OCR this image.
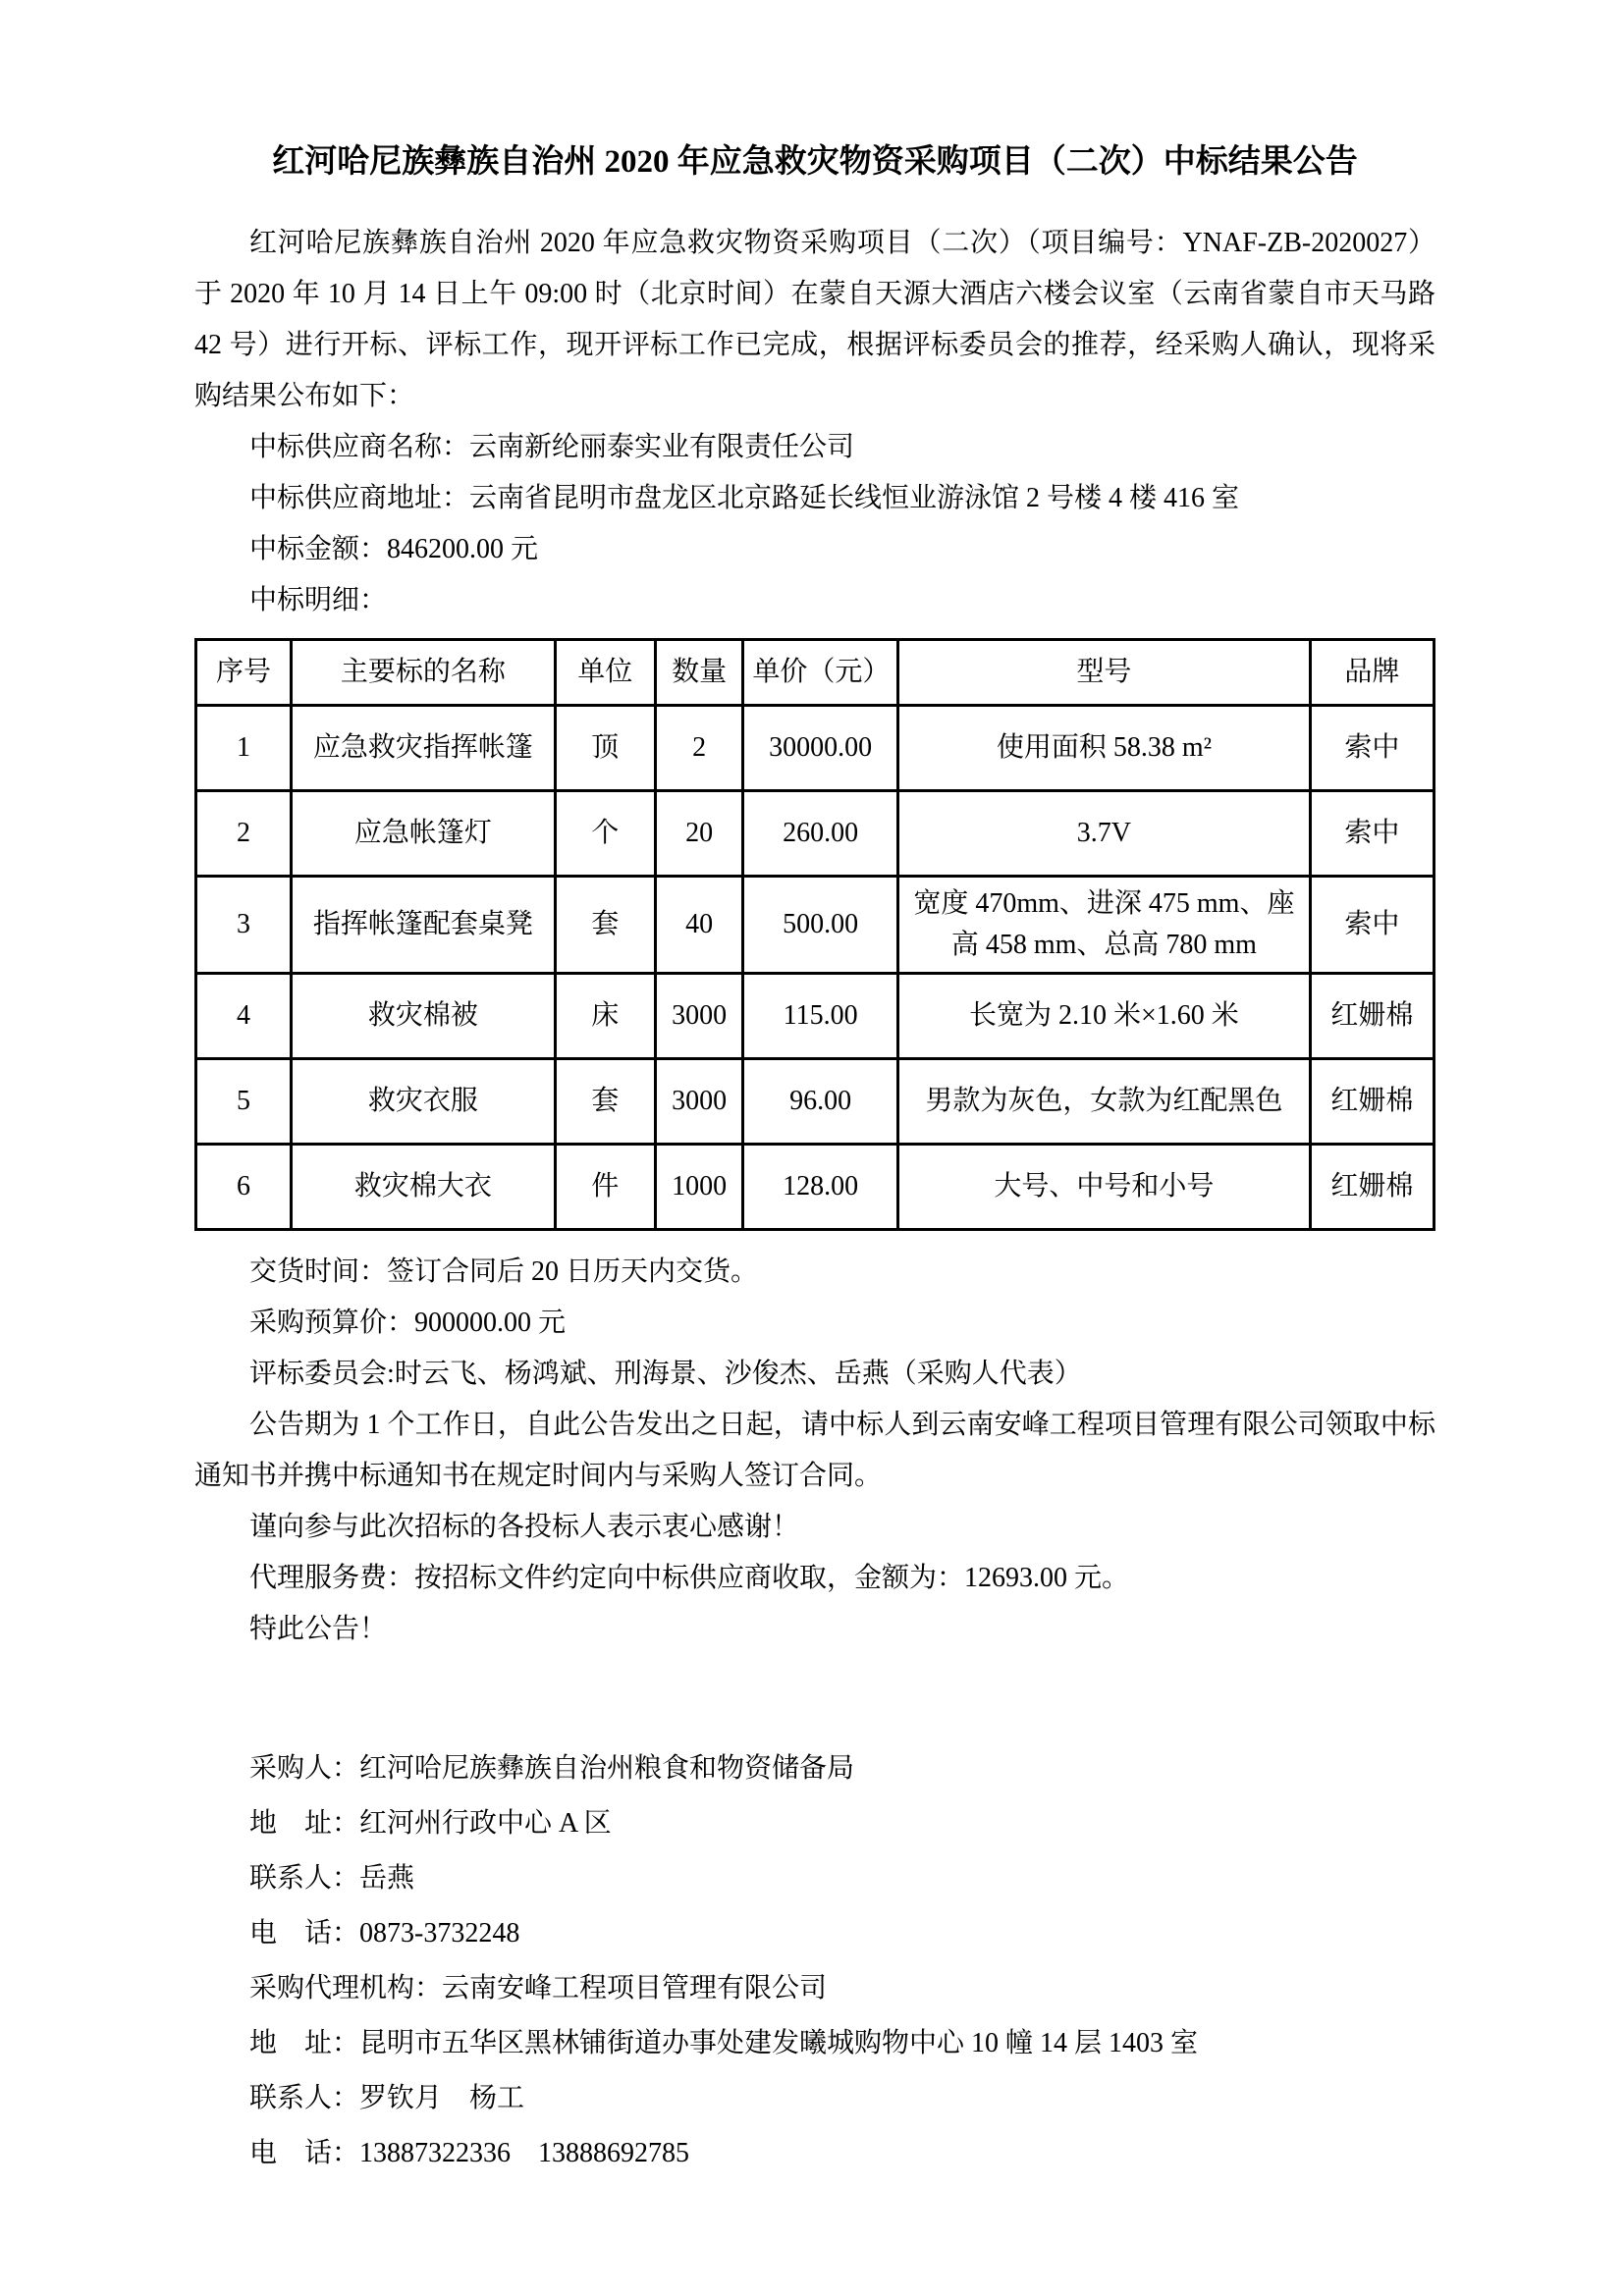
红河哈尼族彝族自治州 2020 年应急救灾物资采购项目（二次）中标结果公告

红河哈尼族彝族自治州 2020 年应急救灾物资采购项目（二次）（项目编号：YNAF-ZB-2020027）于 2020 年 10 月 14 日上午 09:00 时（北京时间）在蒙自天源大酒店六楼会议室（云南省蒙自市天马路 42 号）进行开标、评标工作，现开评标工作已完成，根据评标委员会的推荐，经采购人确认，现将采购结果公布如下：

中标供应商名称：云南新纶丽泰实业有限责任公司
中标供应商地址：云南省昆明市盘龙区北京路延长线恒业游泳馆 2 号楼 4 楼 416 室
中标金额：846200.00 元
中标明细：
序号	主要标的名称	单位	数量	单价（元）	型号	品牌
1	应急救灾指挥帐篷	顶	2	30000.00	使用面积 58.38 m²	索中
2	应急帐篷灯	个	20	260.00	3.7V	索中
3	指挥帐篷配套桌凳	套	40	500.00	宽度 470mm、进深 475 mm、座高 458 mm、总高 780 mm	索中
4	救灾棉被	床	3000	115.00	长宽为 2.10 米×1.60 米	红姗棉
5	救灾衣服	套	3000	96.00	男款为灰色，女款为红配黑色	红姗棉
6	救灾棉大衣	件	1000	128.00	大号、中号和小号	红姗棉
交货时间：签订合同后 20 日历天内交货。
采购预算价：900000.00 元
评标委员会:时云飞、杨鸿斌、刑海景、沙俊杰、岳燕（采购人代表）

公告期为 1 个工作日，自此公告发出之日起，请中标人到云南安峰工程项目管理有限公司领取中标通知书并携中标通知书在规定时间内与采购人签订合同。

谨向参与此次招标的各投标人表示衷心感谢！
代理服务费：按招标文件约定向中标供应商收取，金额为：12693.00 元。
特此公告！
采购人：红河哈尼族彝族自治州粮食和物资储备局
地　址：红河州行政中心 A 区
联系人：岳燕
电　话：0873-3732248
采购代理机构：云南安峰工程项目管理有限公司
地　址：昆明市五华区黑林铺街道办事处建发曦城购物中心 10 幢 14 层 1403 室
联系人：罗钦月　杨工
电　话：13887322336　13888692785
